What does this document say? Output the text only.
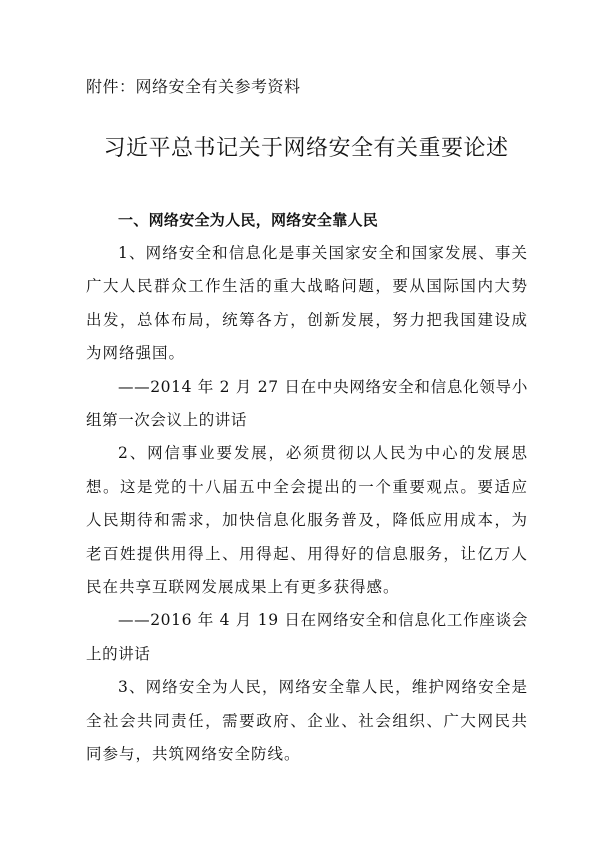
附件：网络安全有关参考资料

习近平总书记关于网络安全有关重要论述

一、网络安全为人民，网络安全靠人民

1、网络安全和信息化是事关国家安全和国家发展、事关广大人民群众工作生活的重大战略问题，要从国际国内大势出发，总体布局，统筹各方，创新发展，努力把我国建设成为网络强国。

——2014 年 2 月 27 日在中央网络安全和信息化领导小组第一次会议上的讲话

2、网信事业要发展，必须贯彻以人民为中心的发展思想。这是党的十八届五中全会提出的一个重要观点。要适应人民期待和需求，加快信息化服务普及，降低应用成本，为老百姓提供用得上、用得起、用得好的信息服务，让亿万人民在共享互联网发展成果上有更多获得感。

——2016 年 4 月 19 日在网络安全和信息化工作座谈会上的讲话

3、网络安全为人民，网络安全靠人民，维护网络安全是全社会共同责任，需要政府、企业、社会组织、广大网民共同参与，共筑网络安全防线。
